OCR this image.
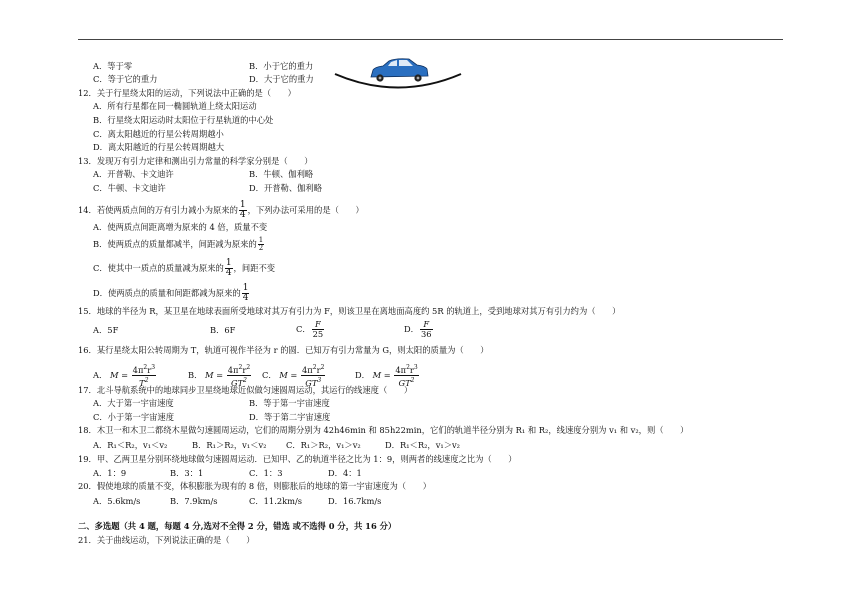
A．等于零	B．小于它的重力
C．等于它的重力	D．大于它的重力
12．关于行星绕太阳的运动，下列说法中正确的是（　　）
A．所有行星都在同一椭圆轨道上绕太阳运动
B．行星绕太阳运动时太阳位于行星轨道的中心处
C．离太阳越近的行星公转周期越小
D．离太阳越近的行星公转周期越大
13．发现万有引力定律和测出引力常量的科学家分别是（　　）
A．开普勒、卡文迪许	B．牛顿、伽利略
C．牛顿、卡文迪许	D．开普勒、伽利略
14．若使两质点间的万有引力减小为原来的 $\frac{1}{4}$ ，下列办法可采用的是（　　）
A．使两质点间距离增为原来的 4 倍，质量不变
B．使两质点的质量都减半，间距减为原来的 $\frac{1}{2}$
C．使其中一质点的质量减为原来的 $\frac{1}{4}$ ，间距不变
D．使两质点的质量和间距都减为原来的 $\frac{1}{4}$
15．地球的半径为 R，某卫星在地球表面所受地球对其万有引力为 F，则该卫星在离地面高度约 5R 的轨道上，受到地球对其万有引力约为（　　）
A．5F	B．6F	C． $\frac{F}{25}$	D． $\frac{F}{36}$
16．某行星绕太阳公转周期为 T，轨道可视作半径为 r 的圆．已知万有引力常量为 G，则太阳的质量为（　　）
A． $M = \frac{4\pi^2r^3}{T^2}$	B． $M = \frac{4\pi^2r^2}{GT^2}$ C． $M = \frac{4\pi^2r^2}{GT^3}$	D． $M = \frac{4\pi^2r^3}{GT^2}$
17．北斗导航系统中的地球同步卫星绕地球近似做匀速圆周运动，其运行的线速度（　　）
A．大于第一宇宙速度	B．等于第一宇宙速度
C．小于第一宇宙速度	D．等于第二宇宙速度
18．木卫一和木卫二都绕木星做匀速圆周运动，它们的周期分别为 42h46min 和 85h22min，它们的轨道半径分别为 R₁ 和 R₂，线速度分别为 v₁ 和 v₂，则（　　）
A．R₁＜R₂，v₁＜v₂	B．R₁＞R₂，v₁＜v₂ C．R₁＞R₂，v₁＞v₂	D．R₁＜R₂，v₁＞v₂
19．甲、乙两卫星分别环绕地球做匀速圆周运动．已知甲、乙的轨道半径之比为 1：9，则两者的线速度之比为（　　）
A．1：9	B．3：1	C．1：3	D．4：1
20．假使地球的质量不变，体积膨胀为现有的 8 倍，则膨胀后的地球的第一宇宙速度为（　　）
A．5.6km/s	B．7.9km/s	C．11.2km/s	D．16.7km/s
二、多选题（共 4 题，每题 4 分,选对不全得 2 分，错选 或不选得 0 分，共 16 分）
21．关于曲线运动，下列说法正确的是（　　）
